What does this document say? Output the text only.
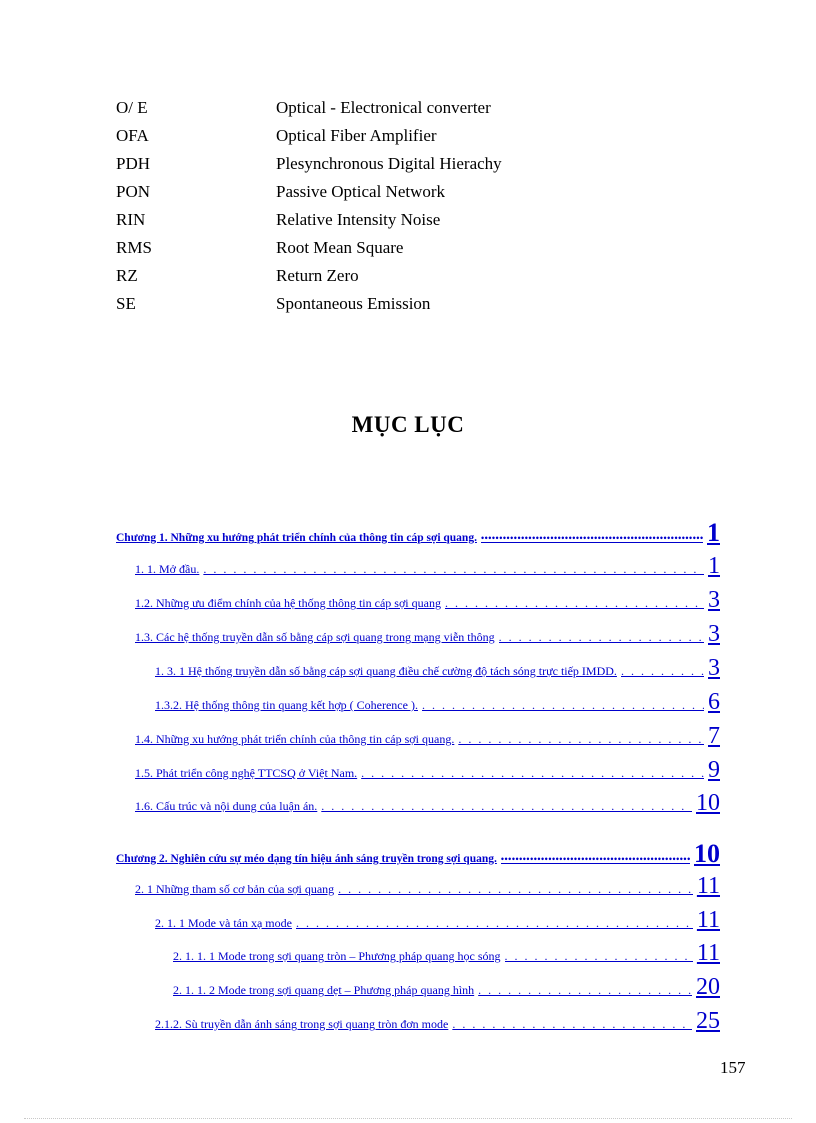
O/ E	Optical - Electronical converter
OFA	Optical Fiber Amplifier
PDH	Plesynchronous Digital Hierachy
PON	Passive Optical Network
RIN	Relative Intensity Noise
RMS	Root Mean Square
RZ	Return Zero
SE	Spontaneous Emission
MỤC LỤC
Chương 1. Những xu hướng phát triển chính của thông tin cáp sợi quang. •••••	1
1. 1. Mở đầu. . . .	1
1.2. Những ưu điểm chính của hệ thống thông tin cáp sợi quang . . .	3
1.3. Các hệ thống truyền dẫn số bằng cáp sợi quang trong mạng viễn thông . . .	3
1. 3. 1 Hệ thống truyền dẫn số bằng cáp sợi quang điều chế cường độ tách sóng trực tiếp IMDD. . . .	3
1.3.2. Hệ thống thông tin quang kết hợp ( Coherence ). . . .	6
1.4. Những xu hướng phát triển chính của thông tin cáp sợi quang. . . .	7
1.5. Phát triển công nghệ TTCSQ ở Việt Nam. . . .	9
1.6. Cấu trúc và nội dung của luận án. . . .	10
Chương 2. Nghiên cứu sự méo dạng tín hiệu ánh sáng truyền trong sợi quang. •••••	10
2. 1 Những tham số cơ bản của sợi quang . . .	11
2. 1. 1 Mode và tán xạ mode . . .	11
2. 1. 1. 1 Mode trong sợi quang tròn – Phương pháp quang học sóng . . .	11
2. 1. 1. 2 Mode trong sợi quang dẹt – Phương pháp quang hình . . .	20
2.1.2. Sù truyền dẫn ánh sáng trong sợi quang tròn đơn mode . . .	25
157
